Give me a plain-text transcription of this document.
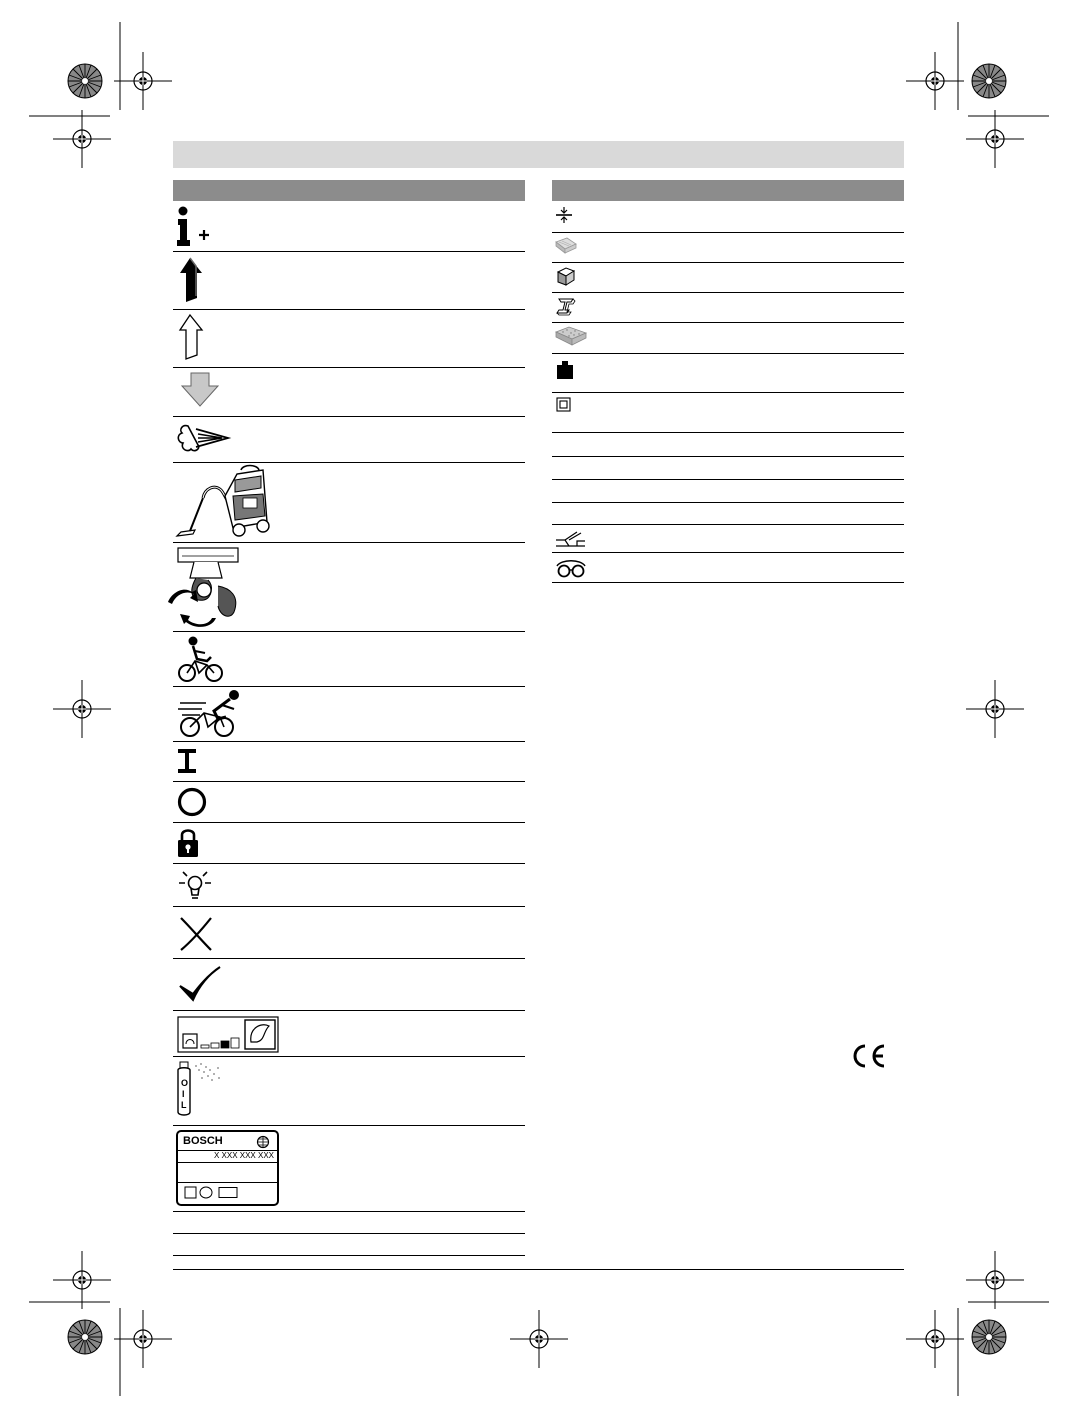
O
I
L
BOSCH
X XXX XXX XXX
